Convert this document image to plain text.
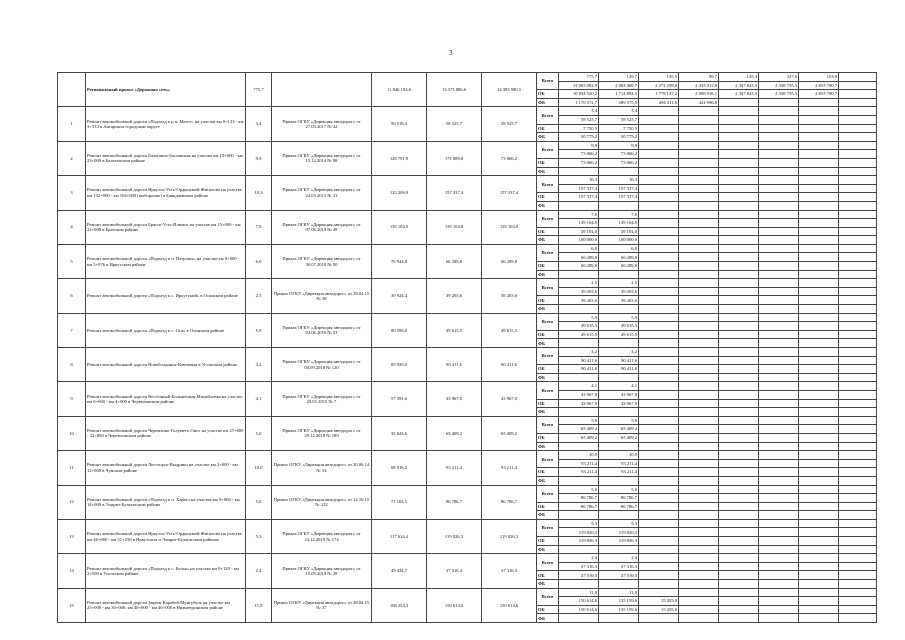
3
	Региональный проект «Дорожная сеть»	775,7		11 846 192,6	13 373 886,6	12 393 580,5	Всего	775,7	129,7	135,5	99,7	145,4	337,6	163,0	
								13 003 082,9	2 004 469,7	2 272 259,0	2 433 912,8	2 347 843,3	2 338 755,5	2 653 790,7	
							ОБ	10 834 520,2	1 714 894,5	1 778 147,2	2 008 916,1	2 347 843,3	2 338 755,5	2 653 790,7	
							ФБ	1 170 572,7	289 575,5	494 211,6	424 996,8				
1	Ремонт автомобильной дороги «Подъезд к р.п. Мегет» на участке км 0+133 - км 3+533 в Ангарском городском округе	3,4	Приказ ОГКУ «Дирекция автодорог» от 27.03.2017 № 42	50 518,4	58 525,7	58 525,7	Всего	3,4	3,4						
								58 525,7	58 525,7						
							ОБ	7 750,5	7 750,5						
							ФБ	50 775,2	50 775,2						
2	Ремонт автомобильной дороги Балаганск-Заславская на участке км 13+000 - км 23+000 в Балаганском районе	9,9	Приказ ОГКУ «Дирекция автодорог» от 15.12.2014 № 98	128 791,9	171 089,8	73 066,2	Всего	9,9	9,9						
								73 066,2	73 066,2						
							ОБ	73 066,2	73 066,2						
							ФБ								
3	Ремонт автомобильной дороги Иркутск-Усть-Ордынский-Жигалово на участке км 132+000 - км 164+000 (выборочно) в Баяндаевском районе	10,3	Приказ ОГКУ «Дирекция автодорог» от 24.03.2015 № 23	125 206,9	157 337,4	157 337,4	Всего	10,3	10,3						
								157 337,4	157 337,4						
							ОБ	157 337,4	157 337,4						
							ФБ								
4	Ремонт автомобильной дороги Братск-Усть-Илимск на участке км 15+000 - км 22+000 в Братском районе	7,0	Приказ ОГКУ «Дирекция автодорог» от 07.06.2019 № 48	139 104,0	139 104,0	139 104,0	Всего	7,0	7,0						
								139 104,0	139 104,0						
							ОБ	39 104,0	39 104,0						
							ФБ	100 000,0	100 000,0						
5	Ремонт автомобильной дороги «Подъезд к п. Патроны» на участке км 0+000 - км 5+976 в Иркутском районе	6,0	Приказ ОГКУ «Дирекция автодорог» от 30.07.2018 № 50	76 944,0	66 289,8	66 289,8	Всего	6,0	6,0						
								66 289,8	66 289,8						
							ОБ	66 289,8	66 289,8						
							ФБ								
6	Ремонт автомобильной дороги «Подъезд к с. Иркутский» в Осинском районе	2,5	Приказ ОГКУ «Дирекция автодорог» от 28.04.15 № 38	30 924,4	39 203,6	39 203,6	Всего	2,5	2,5						
								39 203,6	39 203,6						
							ОБ	39 203,6	39 203,6						
							ФБ								
7	Ремонт автомобильной дороги «Подъезд к с. Оса» в Осинском районе	5,9	Приказ ОГКУ «Дирекция автодорог» от 04.06.2016 № 53	80 599,0	49 615,5	49 615,5	Всего	5,9	5,9						
								49 615,5	49 615,5						
							ОБ	49 615,5	49 615,5						
							ФБ								
8	Ремонт автомобильной дороги Новоболдинск-Ключевая в Усольском районе	4,2	Приказ ОГКУ «Дирекция автодорог» от 04.09.2018 № 120	85 939,0	90 411,6	90 411,6	Всего	4,2	4,2						
								90 411,6	90 411,6						
							ОБ	90 411,6	90 411,6						
							ФБ								
9	Ремонт автомобильной дороги Восточный-Большеокая-Михайловка на участке км 0+000 - км 4+000 в Черемховском районе	4,1	Приказ ОГКУ «Дирекция автодорог» от 29.01.2015 № 7	57 391,6	43 967,0	43 967,0	Всего	4,1	4,1						
								43 967,0	43 967,0						
							ОБ	43 967,0	43 967,0						
							ФБ								
10	Ремонт автомобильной дороги Черемхово-Голуметь-Онот на участке км 27+000 - 32+000 в Черемховском районе	5,0	Приказ ОГКУ «Дирекция автодорог» от 29.12.2018 № 189	35 843,6	65 409,2	65 409,2	Всего	5,0	5,0						
								65 409,2	65 409,2						
							ОБ	65 409,2	65 409,2						
							ФБ								
11	Ремонт автомобильной дороги Лесогорск-Выдрино на участке км 2+000 - км 12+000 в Чунском районе	10,0	Приказ ОГКУ «Дирекция автодорог» от 20.06.14 № 54	68 916,2	93 211,4	93 211,4	Всего	10,0	10,0						
								93 211,4	93 211,4						
							ОБ	93 211,4	93 211,4						
							ФБ								
12	Ремонт автомобильной дороги «Подъезд к п. Харат» на участке км 9+000 - км 14+000 в Эхирит-Булагатском районе	5,0	Приказ ОГКУ «Дирекция автодорог» от 12.10.15 № 122	71 104,5	86 786,7	86 786,7	Всего	5,0	5,0						
								86 786,7	86 786,7						
							ОБ	86 786,7	86 786,7						
							ФБ								
13	Ремонт автомобильной дороги Иркутск-Усть-Ордынский-Жигалово на участке км 46+000 - км 51+250 в Иркутском и Эхирит-Булагатском районах	5,3	Приказ ОГКУ «Дирекция автодорог» от 24.12.2019 № 174	117 614,4	119 826,3	119 826,3	Всего	5,3	5,3						
								119 826,3	119 826,3						
							ОБ	119 826,3	119 826,3						
							ФБ								
14	Ремонт автомобильной дороги «Подъезд к с. Белая» на участке км 0+120 - км 2+500 в Усольском районе	2,4	Приказ ОГКУ «Дирекция автодорог» от 15.05.2019 № 28	49 434,7	37 316,3	37 316,3	Всего	2,4	2,4						
								37 316,3	37 316,3						
							ОБ	37 316,3	37 316,3						
							ФБ								
15	Ремонт автомобильной дороги Заярск-Карабей-Мунгубуль на участке км 25+000 - км 30+000, км 40+000 - км 46+000 в Нижнеудинском районе	11,0	Приказ ОГКУ «Дирекция автодорог» от 28.04.15 № 37	108 254,3	150 614,6	150 614,6	Всего	11,0	11,0						
								150 614,6	135 159,6	15 455,0					
							ОБ	150 614,6	135 159,6	15 455,0					
							ФБ								
